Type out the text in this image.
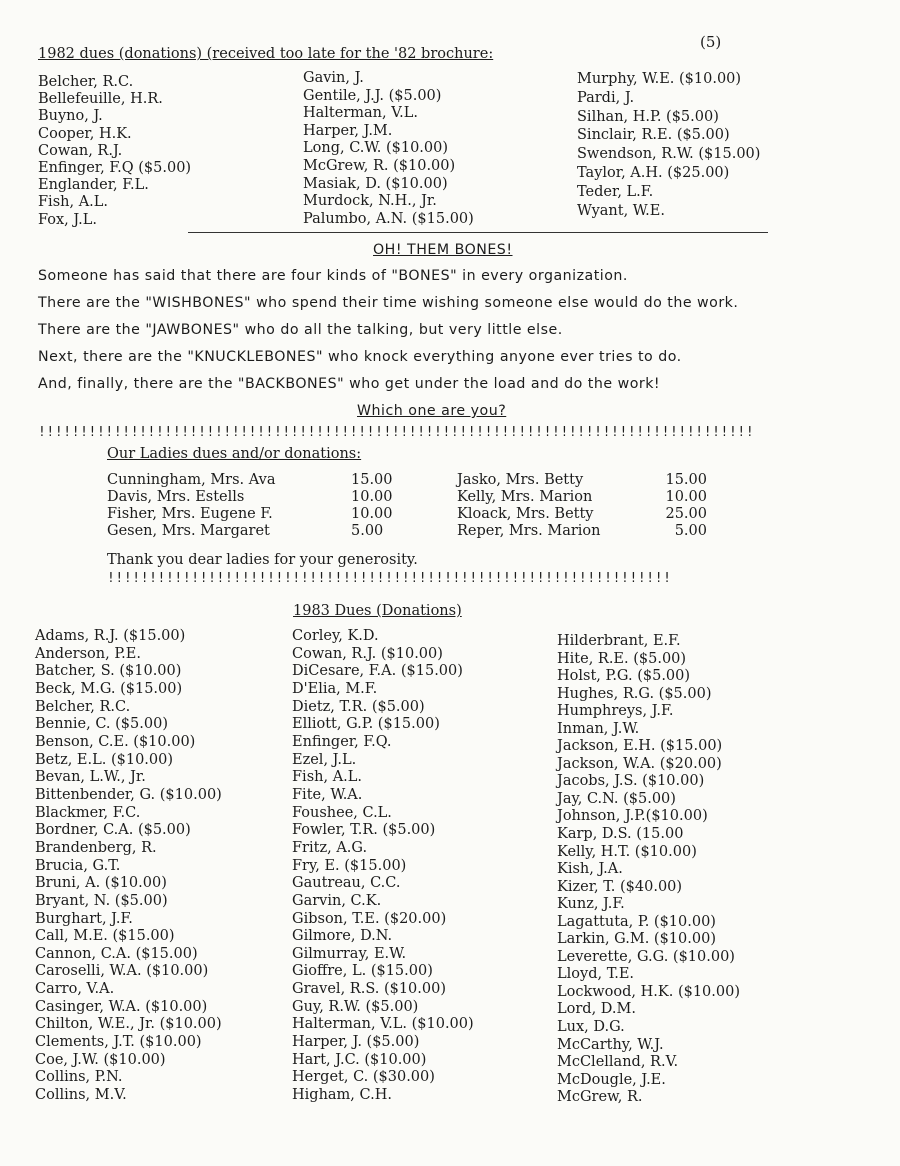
(5)
1982 dues (donations) (received too late for the '82 brochure:
Belcher, R.C.
Bellefeuille, H.R.
Buyno, J.
Cooper, H.K.
Cowan, R.J.
Enfinger, F.Q ($5.00)
Englander, F.L.
Fish, A.L.
Fox, J.L.
Gavin, J.
Gentile, J.J. ($5.00)
Halterman, V.L.
Harper, J.M.
Long, C.W. ($10.00)
McGrew, R. ($10.00)
Masiak, D. ($10.00)
Murdock, N.H., Jr.
Palumbo, A.N. ($15.00)
Murphy, W.E. ($10.00)
Pardi, J.
Silhan, H.P. ($5.00)
Sinclair, R.E. ($5.00)
Swendson, R.W. ($15.00)
Taylor, A.H. ($25.00)
Teder, L.F.
Wyant, W.E.
OH! THEM BONES!
Someone has said that there are four kinds of "BONES" in every organization.
There are the "WISHBONES" who spend their time wishing someone else would do the work.
There are the "JAWBONES" who do all the talking, but very little else.
Next, there are the "KNUCKLEBONES" who knock everything anyone ever tries to do.
And, finally, there are the "BACKBONES" who get under the load and do the work!
Which one are you?
!!!!!!!!!!!!!!!!!!!!!!!!!!!!!!!!!!!!!!!!!!!!!!!!!!!!!!!!!!!!!!!!!!!!!!!!!!!!!!!!!!!!!
Our Ladies dues and/or donations:
Cunningham, Mrs. Ava	15.00	Jasko, Mrs. Betty	15.00
Davis, Mrs. Estells	10.00	Kelly, Mrs. Marion	10.00
Fisher, Mrs. Eugene F.	10.00	Kloack, Mrs. Betty	25.00
Gesen, Mrs. Margaret	5.00	Reper, Mrs. Marion	5.00
Thank you dear ladies for your generosity.
!!!!!!!!!!!!!!!!!!!!!!!!!!!!!!!!!!!!!!!!!!!!!!!!!!!!!!!!!!!!!!!!!!!
1983 Dues (Donations)
Adams, R.J. ($15.00)
Anderson, P.E.
Batcher, S. ($10.00)
Beck, M.G. ($15.00)
Belcher, R.C.
Bennie, C. ($5.00)
Benson, C.E. ($10.00)
Betz, E.L. ($10.00)
Bevan, L.W., Jr.
Bittenbender, G. ($10.00)
Blackmer, F.C.
Bordner, C.A. ($5.00)
Brandenberg, R.
Brucia, G.T.
Bruni, A. ($10.00)
Bryant, N. ($5.00)
Burghart, J.F.
Call, M.E. ($15.00)
Cannon, C.A. ($15.00)
Caroselli, W.A. ($10.00)
Carro, V.A.
Casinger, W.A. ($10.00)
Chilton, W.E., Jr. ($10.00)
Clements, J.T. ($10.00)
Coe, J.W. ($10.00)
Collins, P.N.
Collins, M.V.
Corley, K.D.
Cowan, R.J. ($10.00)
DiCesare, F.A. ($15.00)
D'Elia, M.F.
Dietz, T.R. ($5.00)
Elliott, G.P. ($15.00)
Enfinger, F.Q.
Ezel, J.L.
Fish, A.L.
Fite, W.A.
Foushee, C.L.
Fowler, T.R. ($5.00)
Fritz, A.G.
Fry, E. ($15.00)
Gautreau, C.C.
Garvin, C.K.
Gibson, T.E. ($20.00)
Gilmore, D.N.
Gilmurray, E.W.
Gioffre, L. ($15.00)
Gravel, R.S. ($10.00)
Guy, R.W. ($5.00)
Halterman, V.L. ($10.00)
Harper, J. ($5.00)
Hart, J.C. ($10.00)
Herget, C. ($30.00)
Higham, C.H.
Hilderbrant, E.F.
Hite, R.E. ($5.00)
Holst, P.G. ($5.00)
Hughes, R.G. ($5.00)
Humphreys, J.F.
Inman, J.W.
Jackson, E.H. ($15.00)
Jackson, W.A. ($20.00)
Jacobs, J.S. ($10.00)
Jay, C.N. ($5.00)
Johnson, J.P.($10.00)
Karp, D.S. (15.00
Kelly, H.T. ($10.00)
Kish, J.A.
Kizer, T. ($40.00)
Kunz, J.F.
Lagattuta, P. ($10.00)
Larkin, G.M. ($10.00)
Leverette, G.G. ($10.00)
Lloyd, T.E.
Lockwood, H.K. ($10.00)
Lord, D.M.
Lux, D.G.
McCarthy, W.J.
McClelland, R.V.
McDougle, J.E.
McGrew, R.
